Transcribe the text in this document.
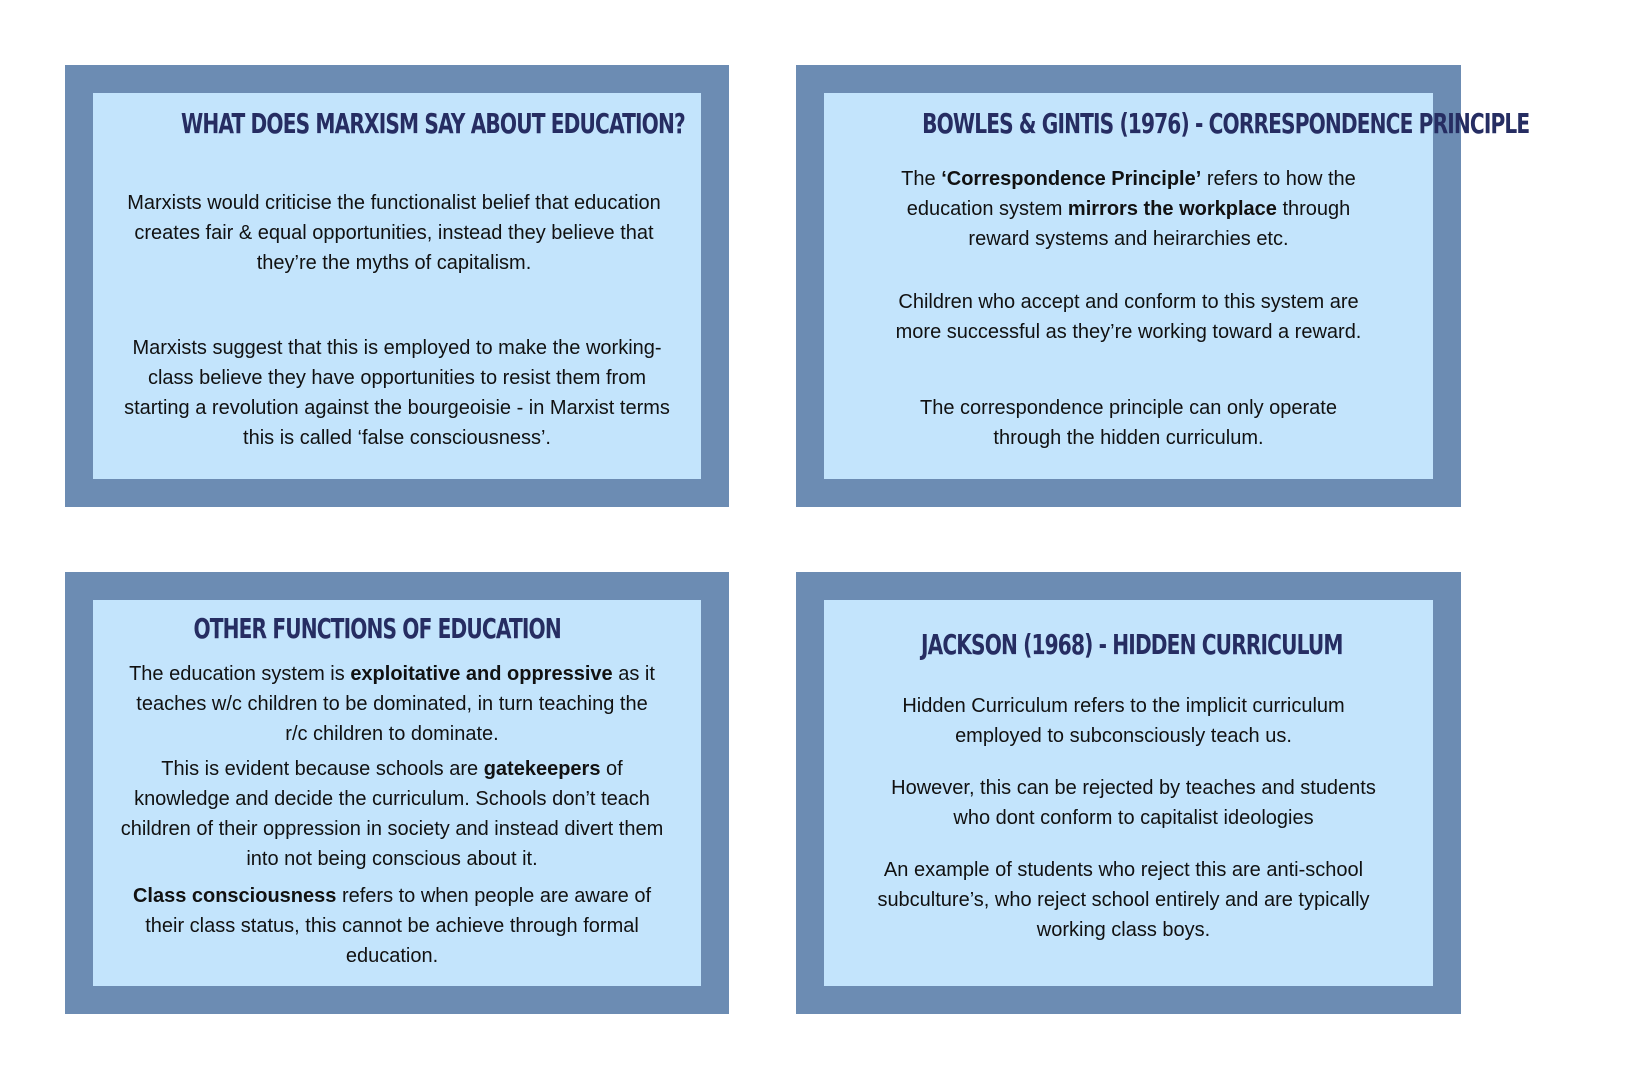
WHAT DOES MARXISM SAY ABOUT EDUCATION?

Marxists would criticise the functionalist belief that education
creates fair & equal opportunities, instead they believe that
they’re the myths of capitalism.

Marxists suggest that this is employed to make the working-
class believe they have opportunities to resist them from
starting a revolution against the bourgeoisie - in Marxist terms
this is called ‘false consciousness’.

BOWLES & GINTIS (1976) - CORRESPONDENCE PRINCIPLE

The ‘Correspondence Principle’ refers to how the
education system mirrors the workplace through
reward systems and heirarchies etc.

Children who accept and conform to this system are
more successful as they’re working toward a reward.

The correspondence principle can only operate
through the hidden curriculum.

OTHER FUNCTIONS OF EDUCATION

The education system is exploitative and oppressive as it
teaches w/c children to be dominated, in turn teaching the
r/c children to dominate.

This is evident because schools are gatekeepers of
knowledge and decide the curriculum. Schools don’t teach
children of their oppression in society and instead divert them
into not being conscious about it.

Class consciousness refers to when people are aware of
their class status, this cannot be achieve through formal
education.

JACKSON (1968) - HIDDEN CURRICULUM

Hidden Curriculum refers to the implicit curriculum
employed to subconsciously teach us.

However, this can be rejected by teaches and students
who dont conform to capitalist ideologies

An example of students who reject this are anti-school
subculture’s, who reject school entirely and are typically
working class boys.
